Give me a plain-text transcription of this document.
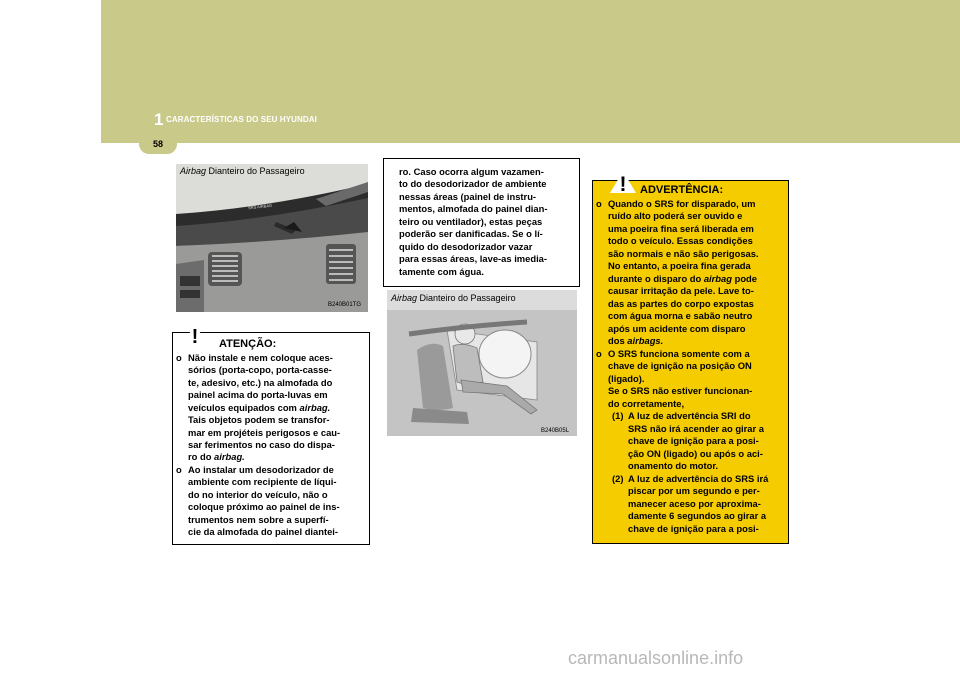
1 CARACTERÍSTICAS DO SEU HYUNDAI
58
SRS AIRBAG
Airbag Dianteiro do Passageiro
B240B01TG
! ATENÇÃO:
o Não instale e nem coloque aces-

sórios (porta-copo, porta-casse-

te, adesivo, etc.) na almofada do

painel acima do porta-luvas em

veículos equipados com airbag.

Tais objetos podem se transfor-

mar em projéteis perigosos e cau-

sar ferimentos no caso do dispa-

ro do airbag.

o Ao instalar um desodorizador de

ambiente com recipiente de líqui-

do no interior do veículo, não o

coloque próximo ao painel de ins-

trumentos nem sobre a superfí-

cie da almofada do painel diantei-

ro. Caso ocorra algum vazamen-

to do desodorizador de ambiente

nessas áreas (painel de instru-

mentos, almofada do painel dian-

teiro ou ventilador), estas peças

poderão ser danificadas. Se o lí-

quido do desodorizador vazar

para essas áreas, lave-as imedia-

tamente com água.

Airbag Dianteiro do Passageiro
B240B05L
! ADVERTÊNCIA:
o Quando o SRS for disparado, um

ruído alto poderá ser ouvido e

uma poeira fina será liberada em

todo o veículo. Essas condições

são normais e não são perigosas.

No entanto, a poeira fina gerada

durante o disparo do airbag pode

causar irritação da pele. Lave to-

das as partes do corpo expostas

com água morna e sabão neutro

após um acidente com disparo

dos airbags.

o O SRS funciona somente com a

chave de ignição na posição ON

(ligado).

Se o SRS não estiver funcionan-

do corretamente,

(1) A luz de advertência SRI do

SRS não irá acender ao girar a

chave de ignição para a posi-

ção ON (ligado) ou após o aci-

onamento do motor.

(2) A luz de advertência do SRS irá

piscar por um segundo e per-

manecer aceso por aproxima-

damente 6 segundos ao girar a

chave de ignição para a posi-

carmanualsonline.info
